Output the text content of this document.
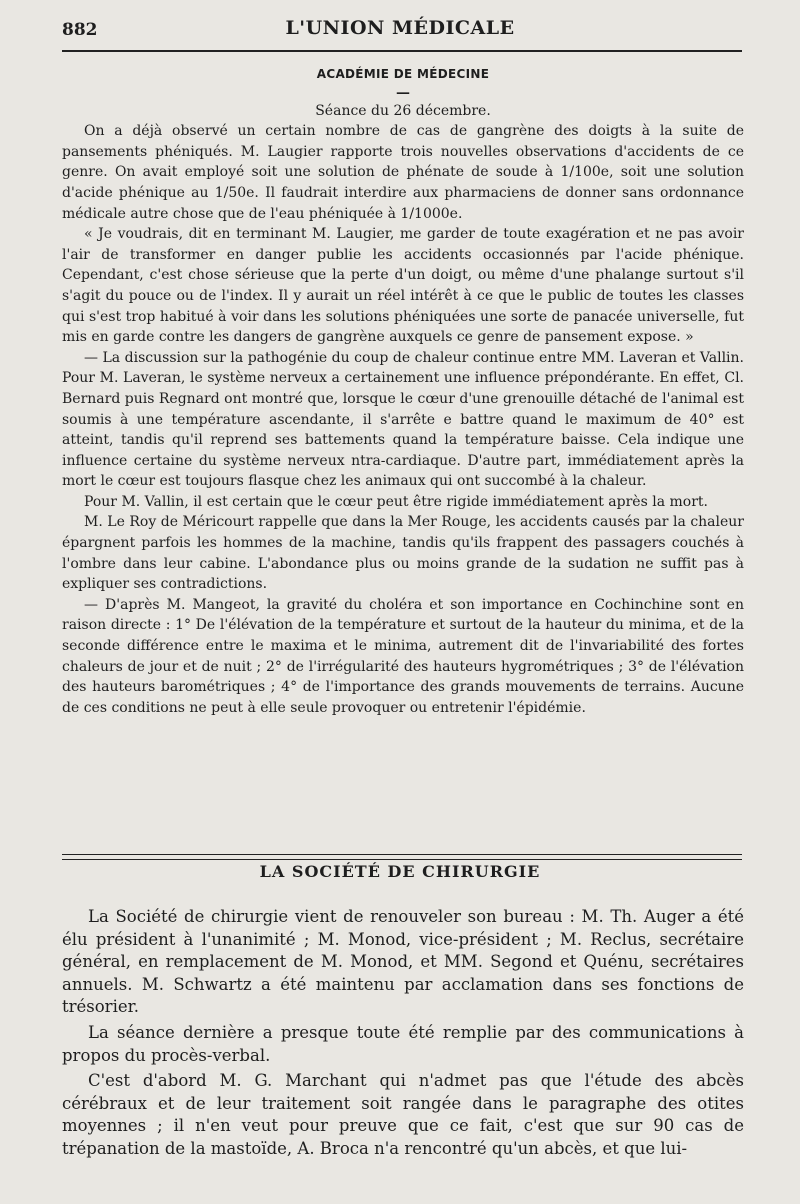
882	L'UNION MÉDICALE
ACADÉMIE DE MÉDECINE
—
Séance du 26 décembre.

On a déjà observé un certain nombre de cas de gangrène des doigts à la suite de pansements phéniqués. M. Laugier rapporte trois nouvelles observations d'accidents de ce genre. On avait employé soit une solution de phénate de soude à 1/100e, soit une solution d'acide phénique au 1/50e. Il faudrait interdire aux pharmaciens de donner sans ordonnance médicale autre chose que de l'eau phéniquée à 1/1000e.

« Je voudrais, dit en terminant M. Laugier, me garder de toute exagération et ne pas avoir l'air de transformer en danger publie les accidents occasionnés par l'acide phénique. Cependant, c'est chose sérieuse que la perte d'un doigt, ou même d'une phalange surtout s'il s'agit du pouce ou de l'index. Il y aurait un réel intérêt à ce que le public de toutes les classes qui s'est trop habitué à voir dans les solutions phéniquées une sorte de panacée universelle, fut mis en garde contre les dangers de gangrène auxquels ce genre de pansement expose. »

— La discussion sur la pathogénie du coup de chaleur continue entre MM. Laveran et Vallin. Pour M. Laveran, le système nerveux a certainement une influence prépondérante. En effet, Cl. Bernard puis Regnard ont montré que, lorsque le cœur d'une grenouille détaché de l'animal est soumis à une température ascendante, il s'arrête e battre quand le maximum de 40° est atteint, tandis qu'il reprend ses battements quand la température baisse. Cela indique une influence certaine du système nerveux ntra-cardiaque. D'autre part, immédiatement après la mort le cœur est toujours flasque chez les animaux qui ont succombé à la chaleur.

Pour M. Vallin, il est certain que le cœur peut être rigide immédiatement après la mort.

M. Le Roy de Méricourt rappelle que dans la Mer Rouge, les accidents causés par la chaleur épargnent parfois les hommes de la machine, tandis qu'ils frappent des passagers couchés à l'ombre dans leur cabine. L'abondance plus ou moins grande de la sudation ne suffit pas à expliquer ses contradictions.

— D'après M. Mangeot, la gravité du choléra et son importance en Cochinchine sont en raison directe : 1° De l'élévation de la température et surtout de la hauteur du minima, et de la seconde différence entre le maxima et le minima, autrement dit de l'invariabilité des fortes chaleurs de jour et de nuit ; 2° de l'irrégularité des hauteurs hygrométriques ; 3° de l'élévation des hauteurs barométriques ; 4° de l'importance des grands mouvements de terrains. Aucune de ces conditions ne peut à elle seule provoquer ou entretenir l'épidémie.

LA SOCIÉTÉ DE CHIRURGIE

La Société de chirurgie vient de renouveler son bureau : M. Th. Auger a été élu président à l'unanimité ; M. Monod, vice-président ; M. Reclus, secrétaire général, en remplacement de M. Monod, et MM. Segond et Quénu, secrétaires annuels. M. Schwartz a été maintenu par acclamation dans ses fonctions de trésorier.

La séance dernière a presque toute été remplie par des communications à propos du procès-verbal.

C'est d'abord M. G. Marchant qui n'admet pas que l'étude des abcès cérébraux et de leur traitement soit rangée dans le paragraphe des otites moyennes ; il n'en veut pour preuve que ce fait, c'est que sur 90 cas de trépanation de la mastoïde, A. Broca n'a rencontré qu'un abcès, et que lui-
